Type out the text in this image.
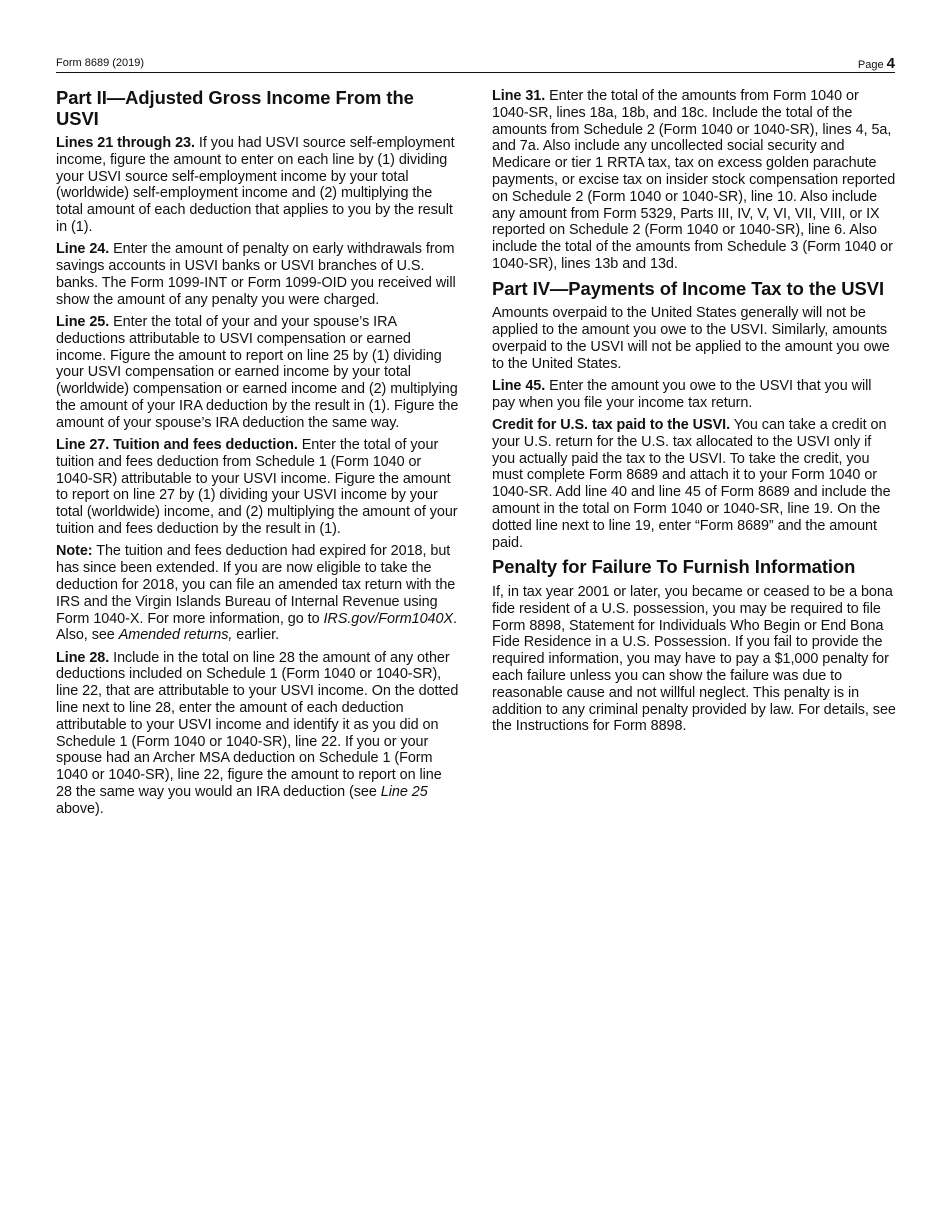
Form 8689 (2019)	Page 4
Part II—Adjusted Gross Income From the USVI

Lines 21 through 23. If you had USVI source self-employment income, figure the amount to enter on each line by (1) dividing your USVI source self-employment income by your total (worldwide) self-employment income and (2) multiplying the total amount of each deduction that applies to you by the result in (1).

Line 24. Enter the amount of penalty on early withdrawals from savings accounts in USVI banks or USVI branches of U.S. banks. The Form 1099-INT or Form 1099-OID you received will show the amount of any penalty you were charged.

Line 25. Enter the total of your and your spouse’s IRA deductions attributable to USVI compensation or earned income. Figure the amount to report on line 25 by (1) dividing your USVI compensation or earned income by your total (worldwide) compensation or earned income and (2) multiplying the amount of your IRA deduction by the result in (1). Figure the amount of your spouse’s IRA deduction the same way.

Line 27. Tuition and fees deduction. Enter the total of your tuition and fees deduction from Schedule 1 (Form 1040 or 1040-SR) attributable to your USVI income. Figure the amount to report on line 27 by (1) dividing your USVI income by your total (worldwide) income, and (2) multiplying the amount of your tuition and fees deduction by the result in (1).

Note: The tuition and fees deduction had expired for 2018, but has since been extended. If you are now eligible to take the deduction for 2018, you can file an amended tax return with the IRS and the Virgin Islands Bureau of Internal Revenue using Form 1040-X. For more information, go to IRS.gov/Form1040X. Also, see Amended returns, earlier.

Line 28. Include in the total on line 28 the amount of any other deductions included on Schedule 1 (Form 1040 or 1040-SR), line 22, that are attributable to your USVI income. On the dotted line next to line 28, enter the amount of each deduction attributable to your USVI income and identify it as you did on Schedule 1 (Form 1040 or 1040-SR), line 22. If you or your spouse had an Archer MSA deduction on Schedule 1 (Form 1040 or 1040-SR), line 22, figure the amount to report on line 28 the same way you would an IRA deduction (see Line 25 above).

Line 31. Enter the total of the amounts from Form 1040 or 1040-SR, lines 18a, 18b, and 18c. Include the total of the amounts from Schedule 2 (Form 1040 or 1040-SR), lines 4, 5a, and 7a. Also include any uncollected social security and Medicare or tier 1 RRTA tax, tax on excess golden parachute payments, or excise tax on insider stock compensation reported on Schedule 2 (Form 1040 or 1040-SR), line 10. Also include any amount from Form 5329, Parts III, IV, V, VI, VII, VIII, or IX reported on Schedule 2 (Form 1040 or 1040-SR), line 6. Also include the total of the amounts from Schedule 3 (Form 1040 or 1040-SR), lines 13b and 13d.

Part IV—Payments of Income Tax to the USVI

Amounts overpaid to the United States generally will not be applied to the amount you owe to the USVI. Similarly, amounts overpaid to the USVI will not be applied to the amount you owe to the United States.

Line 45. Enter the amount you owe to the USVI that you will pay when you file your income tax return.

Credit for U.S. tax paid to the USVI. You can take a credit on your U.S. return for the U.S. tax allocated to the USVI only if you actually paid the tax to the USVI. To take the credit, you must complete Form 8689 and attach it to your Form 1040 or 1040-SR. Add line 40 and line 45 of Form 8689 and include the amount in the total on Form 1040 or 1040-SR, line 19. On the dotted line next to line 19, enter “Form 8689” and the amount paid.

Penalty for Failure To Furnish Information

If, in tax year 2001 or later, you became or ceased to be a bona fide resident of a U.S. possession, you may be required to file Form 8898, Statement for Individuals Who Begin or End Bona Fide Residence in a U.S. Possession. If you fail to provide the required information, you may have to pay a $1,000 penalty for each failure unless you can show the failure was due to reasonable cause and not willful neglect. This penalty is in addition to any criminal penalty provided by law. For details, see the Instructions for Form 8898.
